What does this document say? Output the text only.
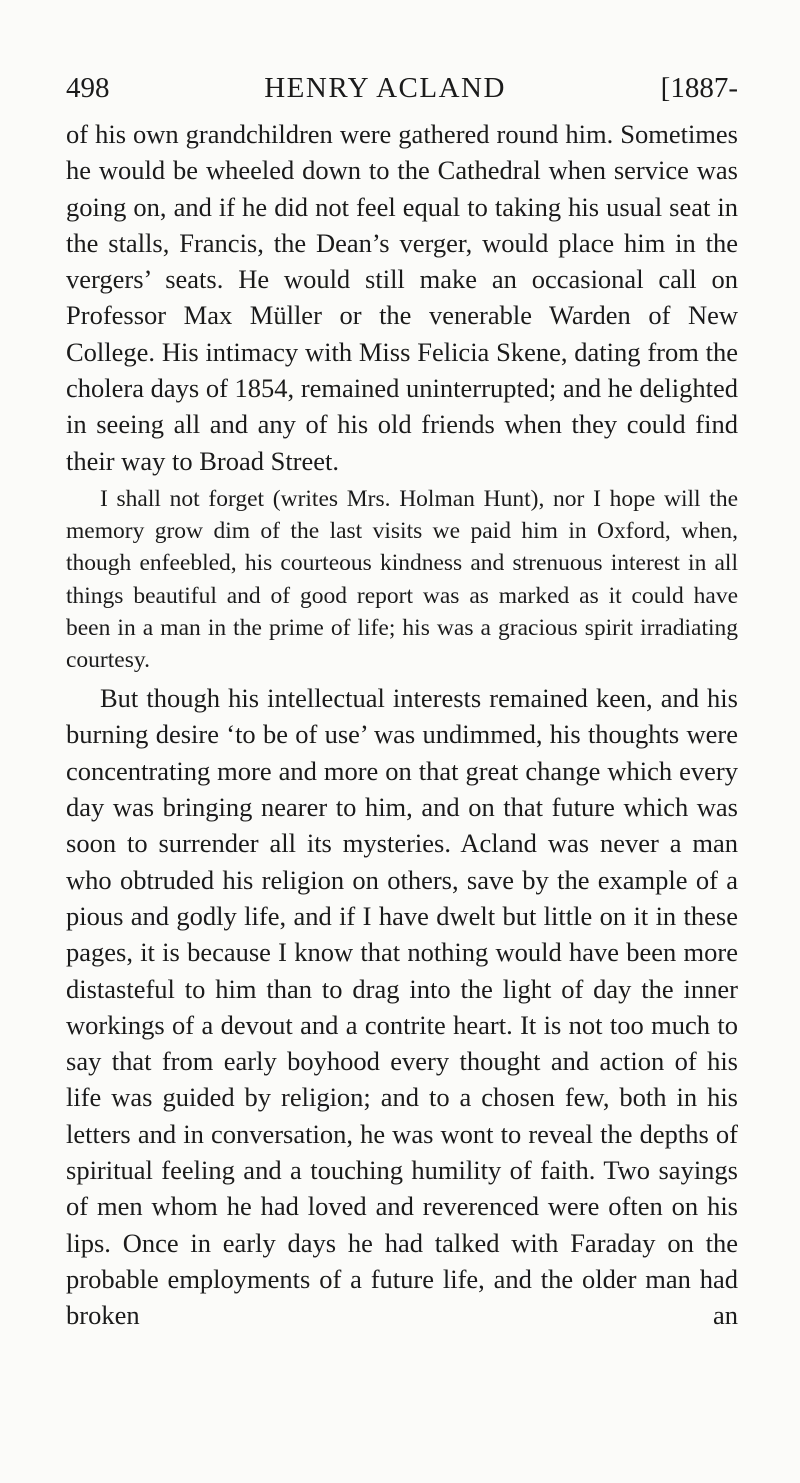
498	HENRY ACLAND	[1887-

of his own grandchildren were gathered round him. Sometimes he would be wheeled down to the Cathedral when service was going on, and if he did not feel equal to taking his usual seat in the stalls, Francis, the Dean’s verger, would place him in the vergers’ seats. He would still make an occasional call on Professor Max Müller or the venerable Warden of New College. His intimacy with Miss Felicia Skene, dating from the cholera days of 1854, remained uninterrupted; and he delighted in seeing all and any of his old friends when they could find their way to Broad Street.

I shall not forget (writes Mrs. Holman Hunt), nor I hope will the memory grow dim of the last visits we paid him in Oxford, when, though enfeebled, his courteous kindness and strenuous interest in all things beautiful and of good report was as marked as it could have been in a man in the prime of life; his was a gracious spirit irradiating courtesy.

But though his intellectual interests remained keen, and his burning desire ‘to be of use’ was undimmed, his thoughts were concentrating more and more on that great change which every day was bringing nearer to him, and on that future which was soon to surrender all its mysteries. Acland was never a man who obtruded his religion on others, save by the example of a pious and godly life, and if I have dwelt but little on it in these pages, it is because I know that nothing would have been more distasteful to him than to drag into the light of day the inner workings of a devout and a contrite heart. It is not too much to say that from early boyhood every thought and action of his life was guided by religion; and to a chosen few, both in his letters and in conversation, he was wont to reveal the depths of spiritual feeling and a touching humility of faith. Two sayings of men whom he had loved and reverenced were often on his lips. Once in early days he had talked with Faraday on the probable employments of a future life, and the older man had broken an
